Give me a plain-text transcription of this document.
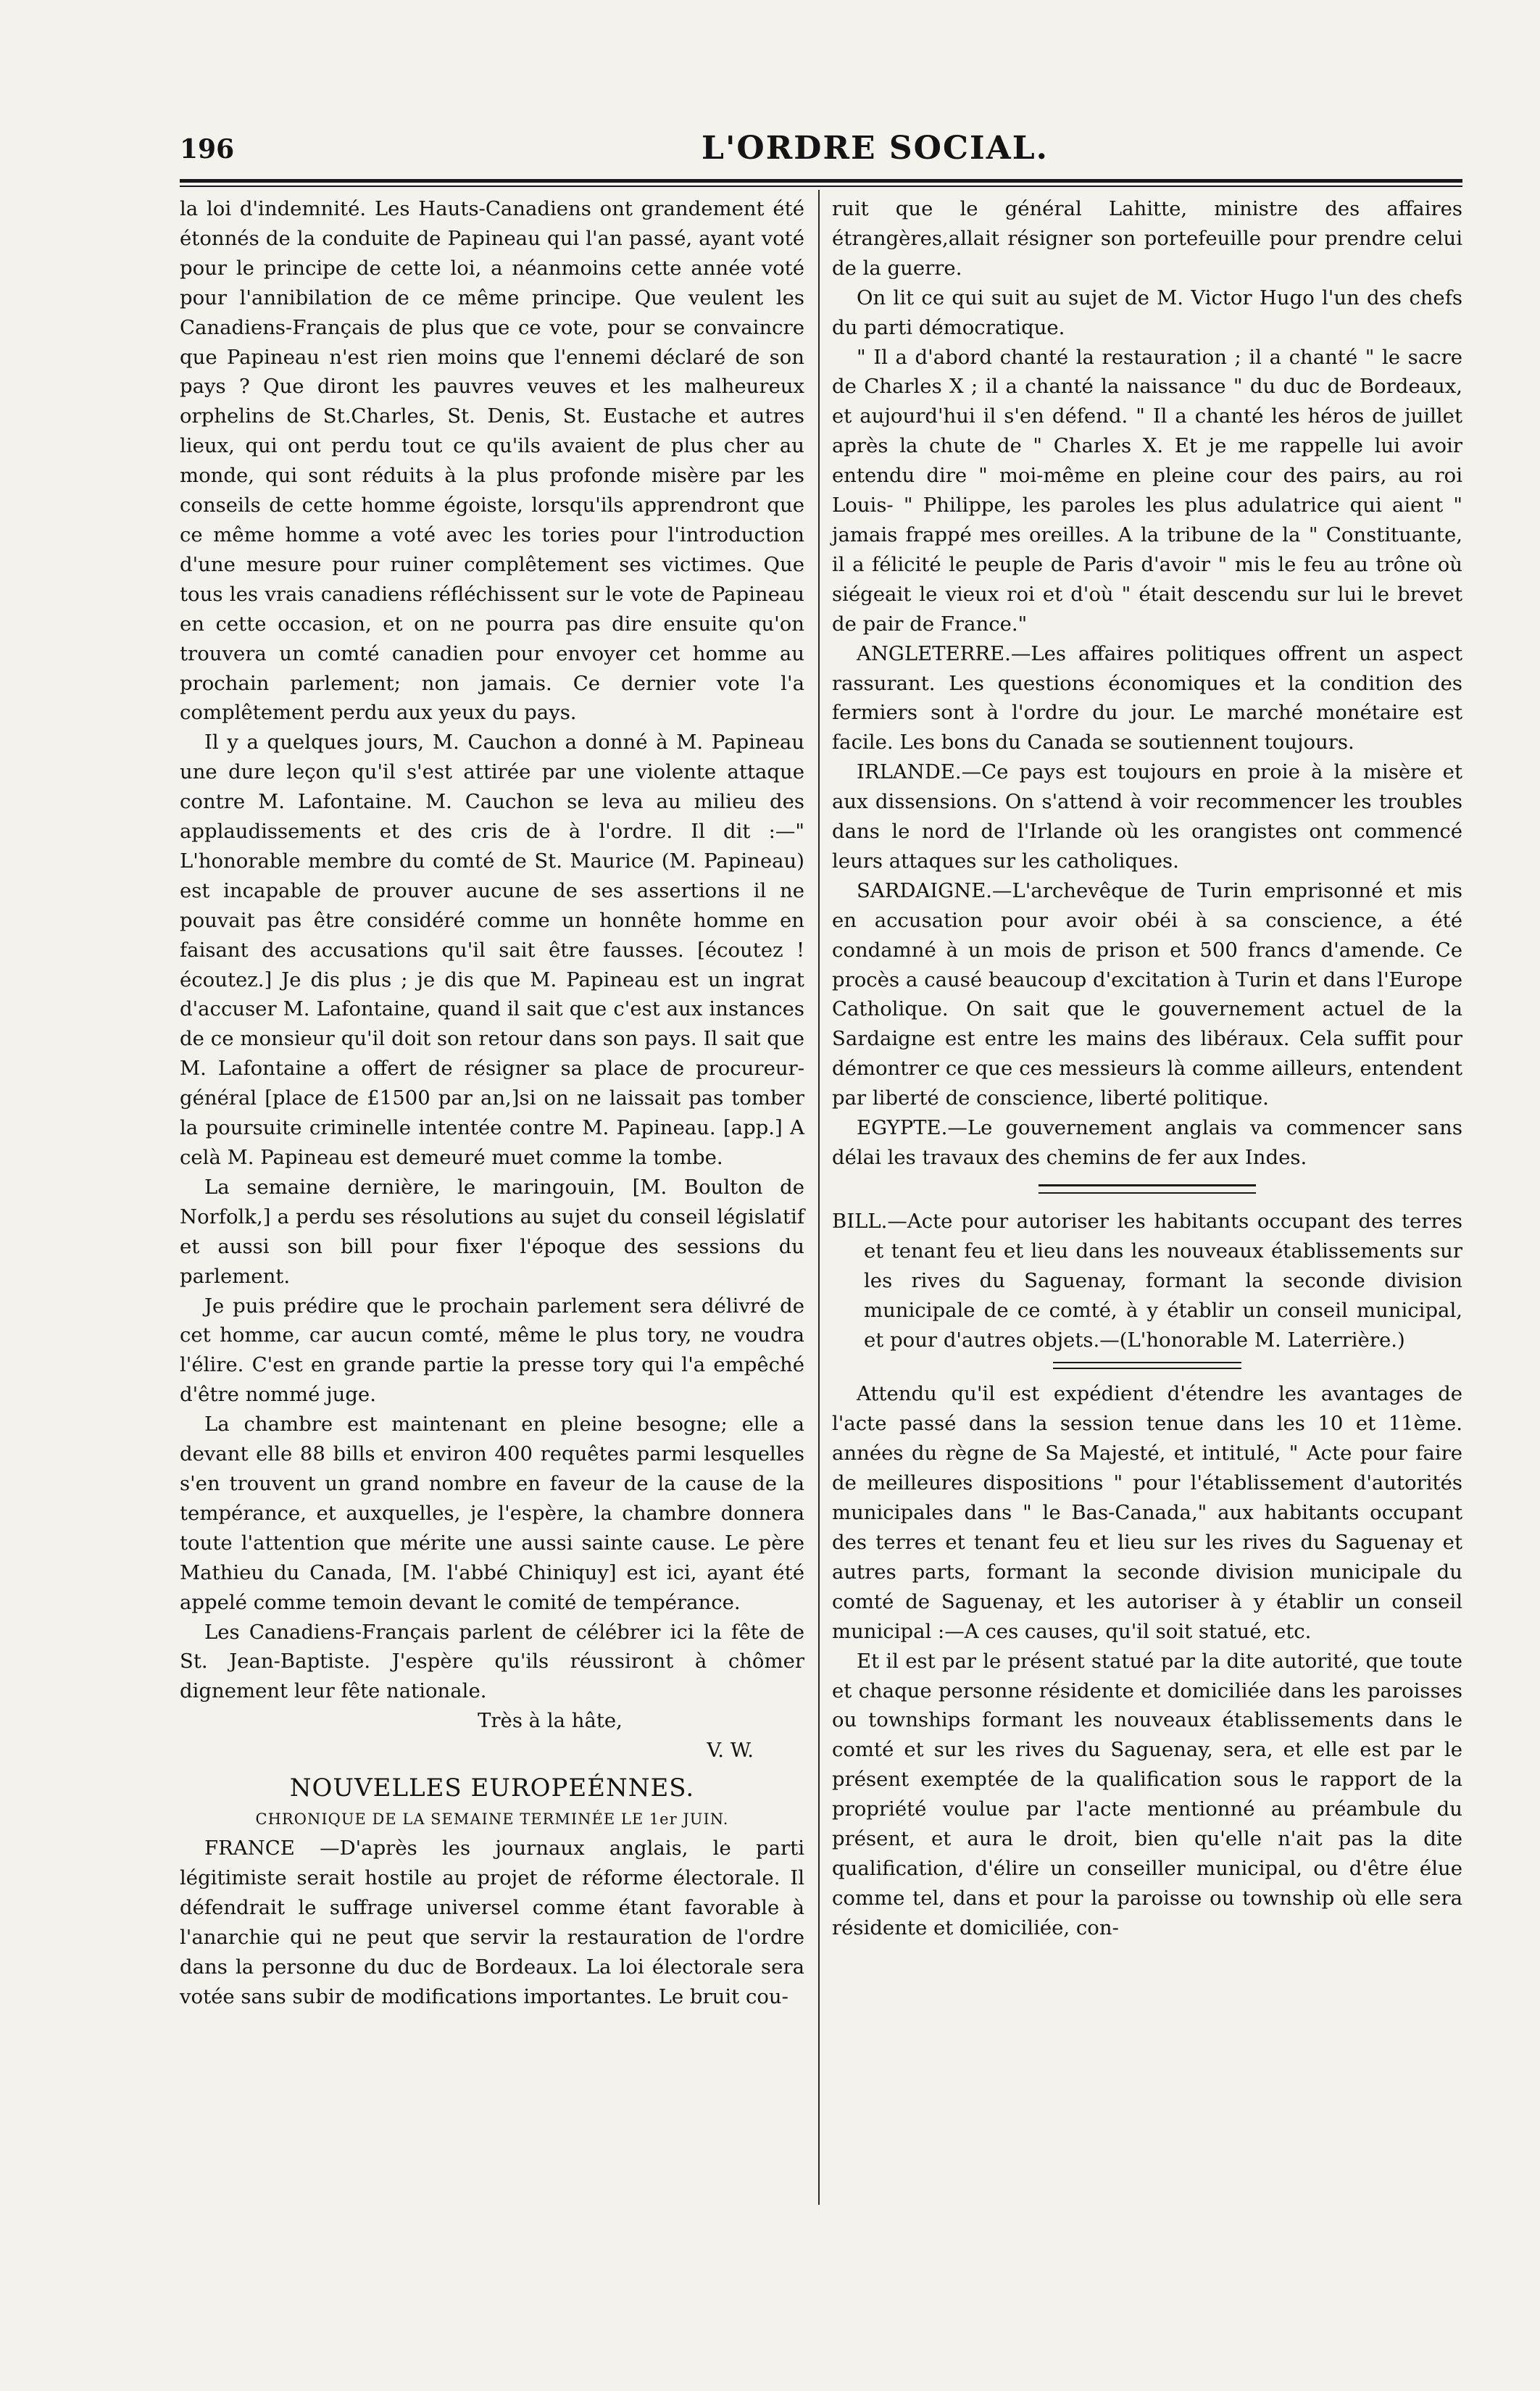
196	L'ORDRE SOCIAL.

la loi d'indemnité. Les Hauts-Canadiens ont grandement été étonnés de la conduite de Papineau qui l'an passé, ayant voté pour le principe de cette loi, a néanmoins cette année voté pour l'annibilation de ce même principe. Que veulent les Canadiens-Français de plus que ce vote, pour se convaincre que Papineau n'est rien moins que l'ennemi déclaré de son pays ? Que diront les pauvres veuves et les malheureux orphelins de St.Charles, St. Denis, St. Eustache et autres lieux, qui ont perdu tout ce qu'ils avaient de plus cher au monde, qui sont réduits à la plus profonde misère par les conseils de cette homme égoiste, lorsqu'ils apprendront que ce même homme a voté avec les tories pour l'introduction d'une mesure pour ruiner complêtement ses victimes. Que tous les vrais canadiens réfléchissent sur le vote de Papineau en cette occasion, et on ne pourra pas dire ensuite qu'on trouvera un comté canadien pour envoyer cet homme au prochain parlement; non jamais. Ce dernier vote l'a complêtement perdu aux yeux du pays.

Il y a quelques jours, M. Cauchon a donné à M. Papineau une dure leçon qu'il s'est attirée par une violente attaque contre M. Lafontaine. M. Cauchon se leva au milieu des applaudissements et des cris de à l'ordre. Il dit :—" L'honorable membre du comté de St. Maurice (M. Papineau) est incapable de prouver aucune de ses assertions il ne pouvait pas être considéré comme un honnête homme en faisant des accusations qu'il sait être fausses. [écoutez ! écoutez.] Je dis plus ; je dis que M. Papineau est un ingrat d'accuser M. Lafontaine, quand il sait que c'est aux instances de ce monsieur qu'il doit son retour dans son pays. Il sait que M. Lafontaine a offert de résigner sa place de procureur-général [place de £1500 par an,]si on ne laissait pas tomber la poursuite criminelle intentée contre M. Papineau. [app.] A celà M. Papineau est demeuré muet comme la tombe.

La semaine dernière, le maringouin, [M. Boulton de Norfolk,] a perdu ses résolutions au sujet du conseil législatif et aussi son bill pour fixer l'époque des sessions du parlement.

Je puis prédire que le prochain parlement sera délivré de cet homme, car aucun comté, même le plus tory, ne voudra l'élire. C'est en grande partie la presse tory qui l'a empêché d'être nommé juge.

La chambre est maintenant en pleine besogne; elle a devant elle 88 bills et environ 400 requêtes parmi lesquelles s'en trouvent un grand nombre en faveur de la cause de la tempérance, et auxquelles, je l'espère, la chambre donnera toute l'attention que mérite une aussi sainte cause. Le père Mathieu du Canada, [M. l'abbé Chiniquy] est ici, ayant été appelé comme temoin devant le comité de tempérance.

Les Canadiens-Français parlent de célébrer ici la fête de St. Jean-Baptiste. J'espère qu'ils réussiront à chômer dignement leur fête nationale.

Très à la hâte,

V. W.

NOUVELLES EUROPEÉNNES.
CHRONIQUE DE LA SEMAINE TERMINÉE LE 1er JUIN.

FRANCE —D'après les journaux anglais, le parti légitimiste serait hostile au projet de réforme électorale. Il défendrait le suffrage universel comme étant favorable à l'anarchie qui ne peut que servir la restauration de l'ordre dans la personne du duc de Bordeaux. La loi électorale sera votée sans subir de modifications importantes. Le bruit cou-

ruit que le général Lahitte, ministre des affaires étrangères,allait résigner son portefeuille pour prendre celui de la guerre.

On lit ce qui suit au sujet de M. Victor Hugo l'un des chefs du parti démocratique.

" Il a d'abord chanté la restauration ; il a chanté " le sacre de Charles X ; il a chanté la naissance " du duc de Bordeaux, et aujourd'hui il s'en défend. " Il a chanté les héros de juillet après la chute de " Charles X. Et je me rappelle lui avoir entendu dire " moi-même en pleine cour des pairs, au roi Louis- " Philippe, les paroles les plus adulatrice qui aient " jamais frappé mes oreilles. A la tribune de la " Constituante, il a félicité le peuple de Paris d'avoir " mis le feu au trône où siégeait le vieux roi et d'où " était descendu sur lui le brevet de pair de France."

ANGLETERRE.—Les affaires politiques offrent un aspect rassurant. Les questions économiques et la condition des fermiers sont à l'ordre du jour. Le marché monétaire est facile. Les bons du Canada se soutiennent toujours.

IRLANDE.—Ce pays est toujours en proie à la misère et aux dissensions. On s'attend à voir recommencer les troubles dans le nord de l'Irlande où les orangistes ont commencé leurs attaques sur les catholiques.

SARDAIGNE.—L'archevêque de Turin emprisonné et mis en accusation pour avoir obéi à sa conscience, a été condamné à un mois de prison et 500 francs d'amende. Ce procès a causé beaucoup d'excitation à Turin et dans l'Europe Catholique. On sait que le gouvernement actuel de la Sardaigne est entre les mains des libéraux. Cela suffit pour démontrer ce que ces messieurs là comme ailleurs, entendent par liberté de conscience, liberté politique.

EGYPTE.—Le gouvernement anglais va commencer sans délai les travaux des chemins de fer aux Indes.

BILL.—Acte pour autoriser les habitants occupant des terres et tenant feu et lieu dans les nouveaux établissements sur les rives du Saguenay, formant la seconde division municipale de ce comté, à y établir un conseil municipal, et pour d'autres objets.—(L'honorable M. Laterrière.)

Attendu qu'il est expédient d'étendre les avantages de l'acte passé dans la session tenue dans les 10 et 11ème. années du règne de Sa Majesté, et intitulé, " Acte pour faire de meilleures dispositions " pour l'établissement d'autorités municipales dans " le Bas-Canada," aux habitants occupant des terres et tenant feu et lieu sur les rives du Saguenay et autres parts, formant la seconde division municipale du comté de Saguenay, et les autoriser à y établir un conseil municipal :—A ces causes, qu'il soit statué, etc.

Et il est par le présent statué par la dite autorité, que toute et chaque personne résidente et domiciliée dans les paroisses ou townships formant les nouveaux établissements dans le comté et sur les rives du Saguenay, sera, et elle est par le présent exemptée de la qualification sous le rapport de la propriété voulue par l'acte mentionné au préambule du présent, et aura le droit, bien qu'elle n'ait pas la dite qualification, d'élire un conseiller municipal, ou d'être élue comme tel, dans et pour la paroisse ou township où elle sera résidente et domiciliée, con-
